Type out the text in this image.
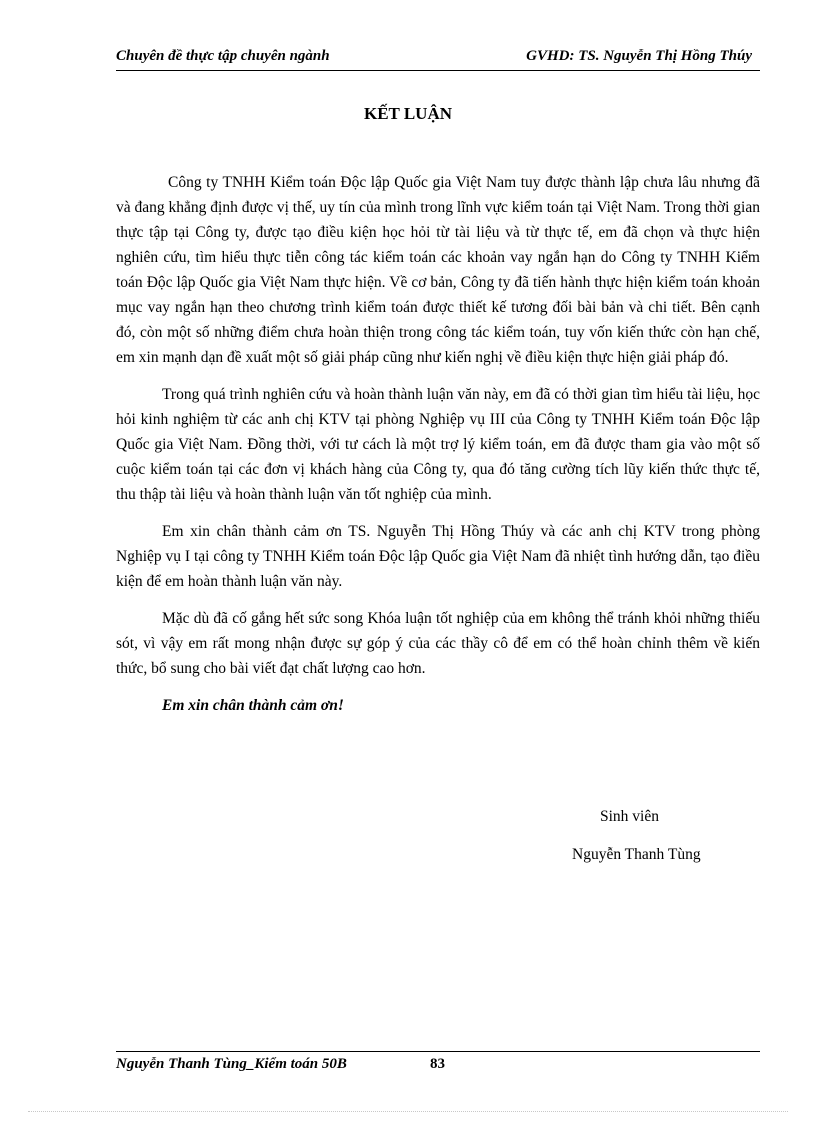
Chuyên đề thực tập chuyên ngành	GVHD: TS. Nguyễn Thị Hồng Thúy
KẾT LUẬN

Công ty TNHH Kiểm toán Độc lập Quốc gia Việt Nam tuy được thành lập chưa lâu nhưng đã và đang khẳng định được vị thế, uy tín của mình trong lĩnh vực kiểm toán tại Việt Nam. Trong thời gian thực tập tại Công ty, được tạo điều kiện học hỏi từ tài liệu và từ thực tế, em đã chọn và thực hiện nghiên cứu, tìm hiểu thực tiễn công tác kiểm toán các khoản vay ngắn hạn do Công ty TNHH Kiểm toán Độc lập Quốc gia Việt Nam thực hiện. Về cơ bản, Công ty đã tiến hành thực hiện kiểm toán khoản mục vay ngắn hạn theo chương trình kiểm toán được thiết kế tương đối bài bản và chi tiết. Bên cạnh đó, còn một số những điểm chưa hoàn thiện trong công tác kiểm toán, tuy vốn kiến thức còn hạn chế, em xin mạnh dạn đề xuất một số giải pháp cũng như kiến nghị về điều kiện thực hiện giải pháp đó.

Trong quá trình nghiên cứu và hoàn thành luận văn này, em đã có thời gian tìm hiểu tài liệu, học hỏi kinh nghiệm từ các anh chị KTV tại phòng Nghiệp vụ III của Công ty TNHH Kiểm toán Độc lập Quốc gia Việt Nam. Đồng thời, với tư cách là một trợ lý kiểm toán, em đã được tham gia vào một số cuộc kiểm toán tại các đơn vị khách hàng của Công ty, qua đó tăng cường tích lũy kiến thức thực tế, thu thập tài liệu và hoàn thành luận văn tốt nghiệp của mình.

Em xin chân thành cảm ơn TS. Nguyễn Thị Hồng Thúy và các anh chị KTV trong phòng Nghiệp vụ I tại công ty TNHH Kiểm toán Độc lập Quốc gia Việt Nam đã nhiệt tình hướng dẫn, tạo điều kiện để em hoàn thành luận văn này.

Mặc dù đã cố gắng hết sức song Khóa luận tốt nghiệp của em không thể tránh khỏi những thiếu sót, vì vậy em rất mong nhận được sự góp ý của các thầy cô để em có thể hoàn chỉnh thêm về kiến thức, bổ sung cho bài viết đạt chất lượng cao hơn.

Em xin chân thành cảm ơn!

Sinh viên
Nguyễn Thanh Tùng
Nguyễn Thanh Tùng_Kiểm toán 50B	83
